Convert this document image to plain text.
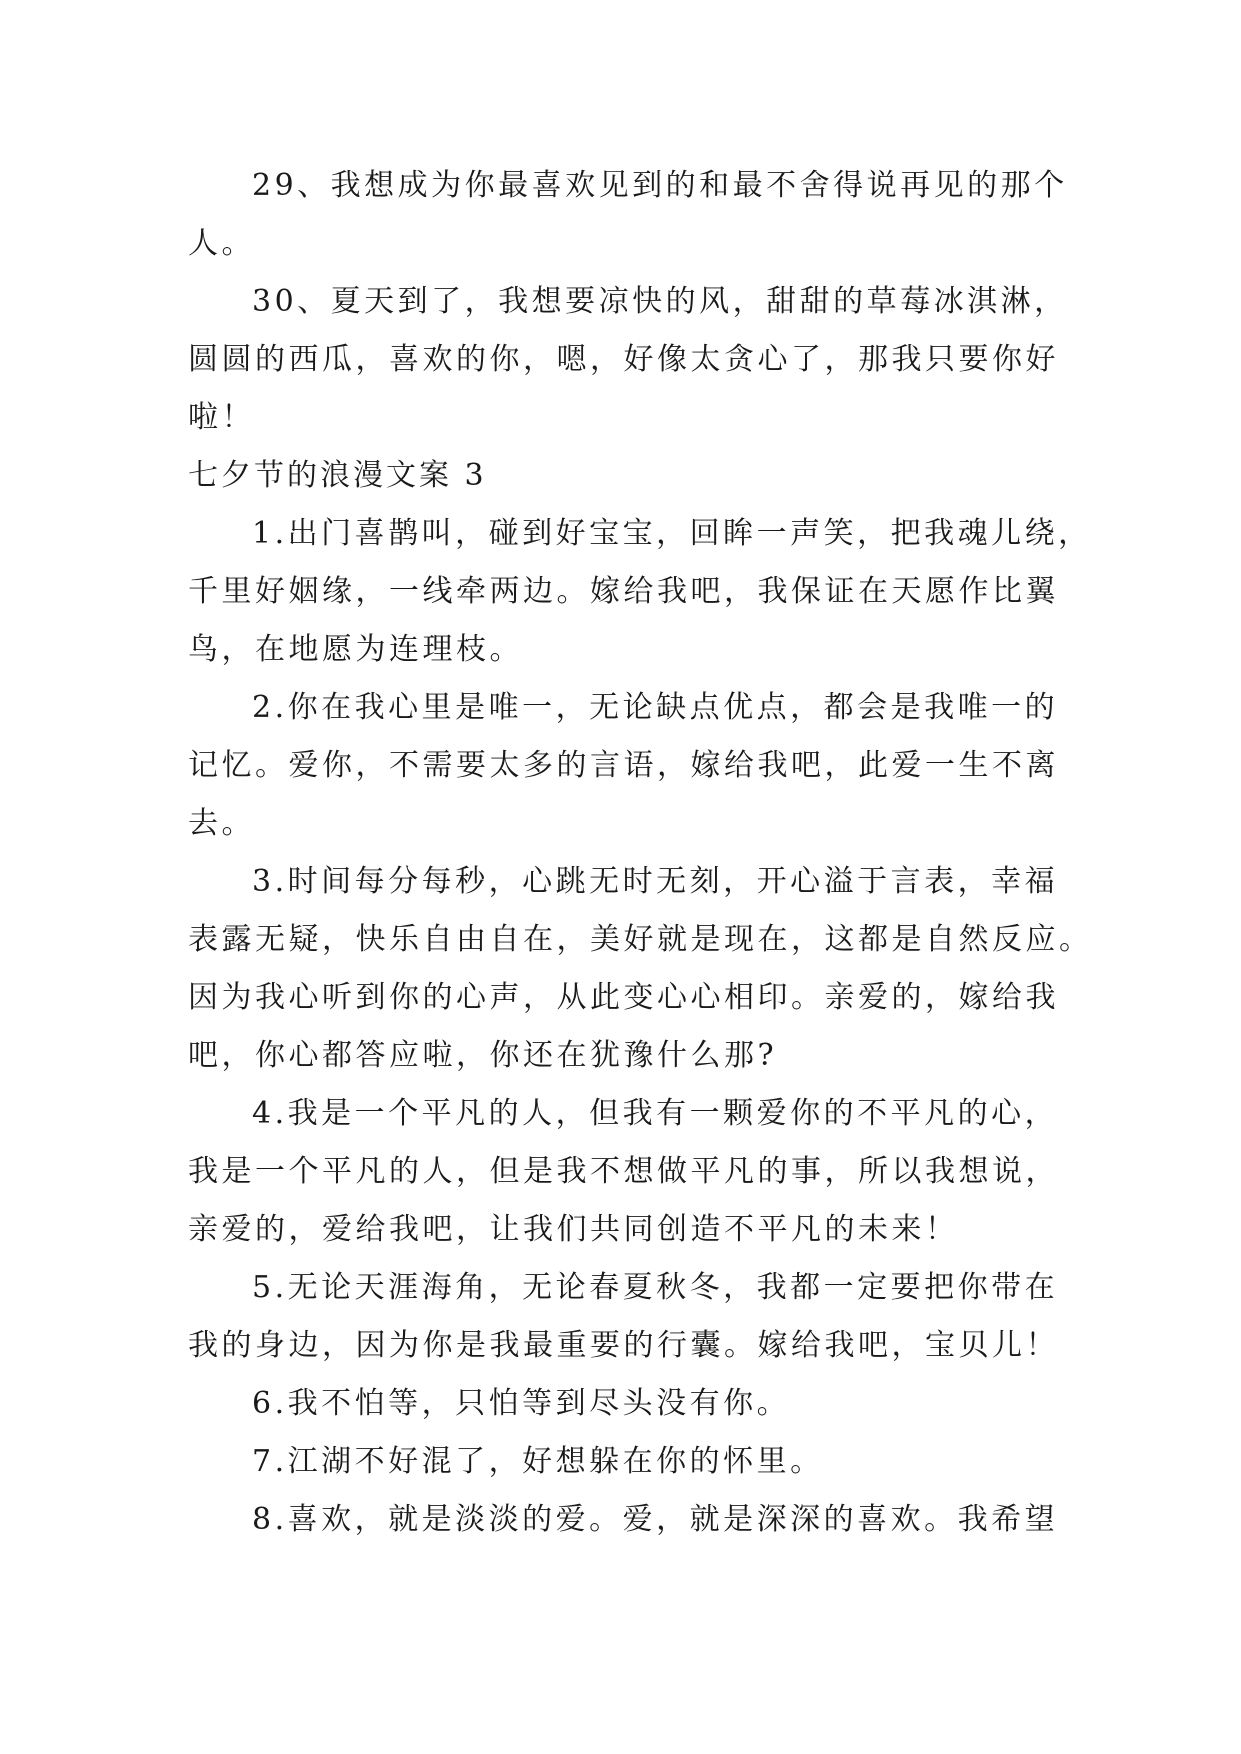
29、我想成为你最喜欢见到的和最不舍得说再见的那个
人。
30、夏天到了，我想要凉快的风，甜甜的草莓冰淇淋，
圆圆的西瓜，喜欢的你，嗯，好像太贪心了，那我只要你好
啦！
七夕节的浪漫文案 3
1.出门喜鹊叫，碰到好宝宝，回眸一声笑，把我魂儿绕，
千里好姻缘，一线牵两边。嫁给我吧，我保证在天愿作比翼
鸟，在地愿为连理枝。
2.你在我心里是唯一，无论缺点优点，都会是我唯一的
记忆。爱你，不需要太多的言语，嫁给我吧，此爱一生不离
去。
3.时间每分每秒，心跳无时无刻，开心溢于言表，幸福
表露无疑，快乐自由自在，美好就是现在，这都是自然反应。
因为我心听到你的心声，从此变心心相印。亲爱的，嫁给我
吧，你心都答应啦，你还在犹豫什么那?
4.我是一个平凡的人，但我有一颗爱你的不平凡的心，
我是一个平凡的人，但是我不想做平凡的事，所以我想说，
亲爱的，爱给我吧，让我们共同创造不平凡的未来！
5.无论天涯海角，无论春夏秋冬，我都一定要把你带在
我的身边，因为你是我最重要的行囊。嫁给我吧，宝贝儿！
6.我不怕等，只怕等到尽头没有你。
7.江湖不好混了，好想躲在你的怀里。
8.喜欢，就是淡淡的爱。爱，就是深深的喜欢。我希望
